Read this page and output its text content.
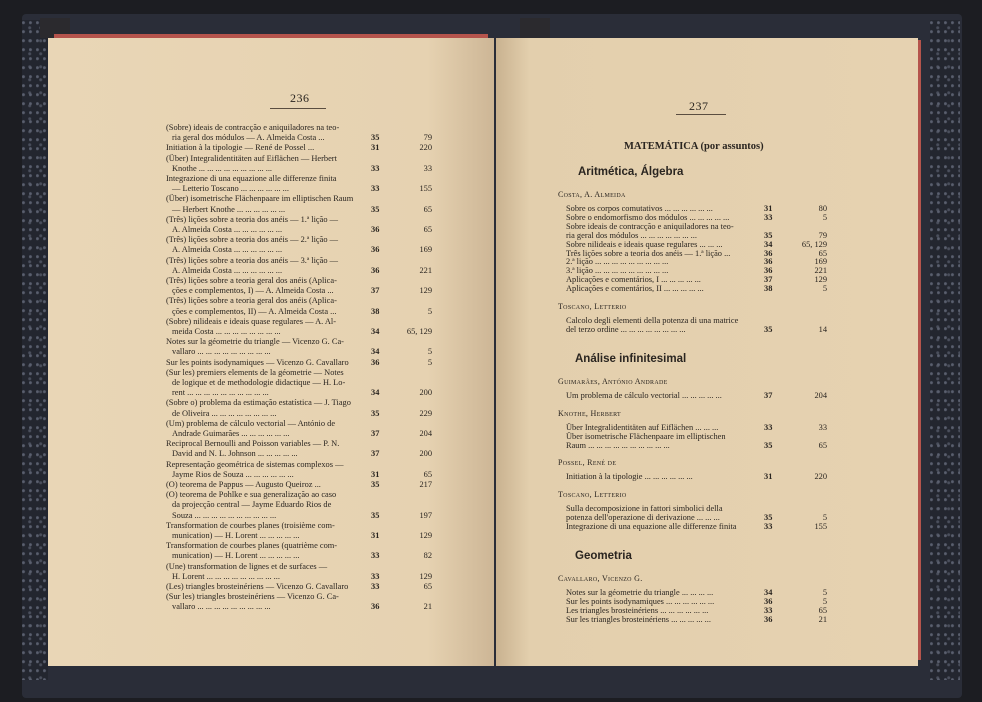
236
(Sobre) ideais de contracção e aniquiladores na teo-
ria geral dos módulos — A. Almeida Costa ...	35	79
Initiation à la tipologie — René de Possel ...	31	220
(Über) Integralidentitäten auf Eiflächen — Herbert
Knothe ... ... ... ... ... ... ... ... ...	33	33
Integrazione di una equazione alle differenze finita
— Letterio Toscano ... ... ... ... ... ...	33	155
(Über) isometrische Flächenpaare im elliptischen Raum
— Herbert Knothe ... ... ... ... ... ...	35	65
(Três) lições sobre a teoria dos anéis — 1.ª lição —
A. Almeida Costa ... ... ... ... ... ...	36	65
(Três) lições sobre a teoria dos anéis — 2.ª lição —
A. Almeida Costa ... ... ... ... ... ...	36	169
(Três) lições sobre a teoria dos anéis — 3.ª lição —
A. Almeida Costa ... ... ... ... ... ...	36	221
(Três) lições sobre a teoria geral dos anéis (Aplica-
ções e complementos, I) — A. Almeida Costa ...	37	129
(Três) lições sobre a teoria geral dos anéis (Aplica-
ções e complementos, II) — A. Almeida Costa ...	38	5
(Sobre) nilideais e ideais quase regulares — A. Al-
meida Costa ... ... ... ... ... ... ... ...	34	65, 129
Notes sur la géometrie du triangle — Vicenzo G. Ca-
vallaro ... ... ... ... ... ... ... ... ...	34	5
Sur les points isodynamiques — Vicenzo G. Cavallaro	36	5
(Sur les) premiers elements de la géometrie — Notes
de logique et de methodologie didactique — H. Lo-
rent ... ... ... ... ... ... ... ... ... ...	34	200
(Sobre o) problema da estimação estatística — J. Tiago
de Oliveira ... ... ... ... ... ... ... ...	35	229
(Um) problema de cálculo vectorial — António de
Andrade Guimarães ... ... ... ... ... ...	37	204
Reciprocal Bernoulli and Poisson variables — P. N.
David and N. L. Johnson ... ... ... ... ...	37	200
Representação geométrica de sistemas complexos —
Jayme Rios de Souza ... ... ... ... ... ...	31	65
(O) teorema de Pappus — Augusto Queiroz ...	35	217
(O) teorema de Pohlke e sua generalização ao caso
da projecção central — Jayme Eduardo Rios de
Souza ... ... ... ... ... ... ... ... ... ...	35	197
Transformation de courbes planes (troisième com-
munication) — H. Lorent ... ... ... ... ...	31	129
Transformation de courbes planes (quatrième com-
munication) — H. Lorent ... ... ... ... ...	33	82
(Une) transformation de lignes et de surfaces —
H. Lorent ... ... ... ... ... ... ... ... ...	33	129
(Les) triangles brosteinériens — Vicenzo G. Cavallaro	33	65
(Sur les) triangles brosteinériens — Vicenzo G. Ca-
vallaro ... ... ... ... ... ... ... ... ...	36	21
237
MATEMÁTICA (por assuntos)
Aritmética, Álgebra
Costa, A. Almeida
Sobre os corpos comutativos ... ... ... ... ... ...	31	80
Sobre o endomorfismo dos módulos ... ... ... ... ...	33	5
Sobre ideais de contracção e aniquiladores na teo-
ria geral dos módulos ... ... ... ... ... ... ...	35	79
Sobre nilideais e ideais quase regulares ... ... ...	34	65, 129
Três lições sobre a teoria dos anéis — 1.ª lição ...	36	65
2.ª lição ... ... ... ... ... ... ... ... ...	36	169
3.ª lição ... ... ... ... ... ... ... ... ...	36	221
Aplicações e comentários, I ... ... ... ... ...	37	129
Aplicações e comentários, II ... ... ... ... ...	38	5
Toscano, Letterio
Calcolo degli elementi della potenza di una matrice
del terzo ordine ... ... ... ... ... ... ... ...	35	14
Análise infinitesimal
Guimarães, António Andrade
Um problema de cálculo vectorial ... ... ... ... ...	37	204
Knothe, Herbert
Über Integralidentitäten auf Eiflächen ... ... ...	33	33
Über isometrische Flächenpaare im elliptischen
Raum ... ... ... ... ... ... ... ... ... ...	35	65
Possel, René de
Initiation à la tipologie ... ... ... ... ... ...	31	220
Toscano, Letterio
Sulla decomposizione in fattori simbolici della
potenza dell'operazione di derivazione ... ... ...	35	5
Integrazione di una equazione alle differenze finita	33	155
Geometria
Cavallaro, Vicenzo G.
Notes sur la géometrie du triangle ... ... ... ...	34	5
Sur les points isodynamiques ... ... ... ... ... ...	36	5
Les triangles brosteinériens ... ... ... ... ... ...	33	65
Sur les triangles brosteinériens ... ... ... ... ...	36	21
